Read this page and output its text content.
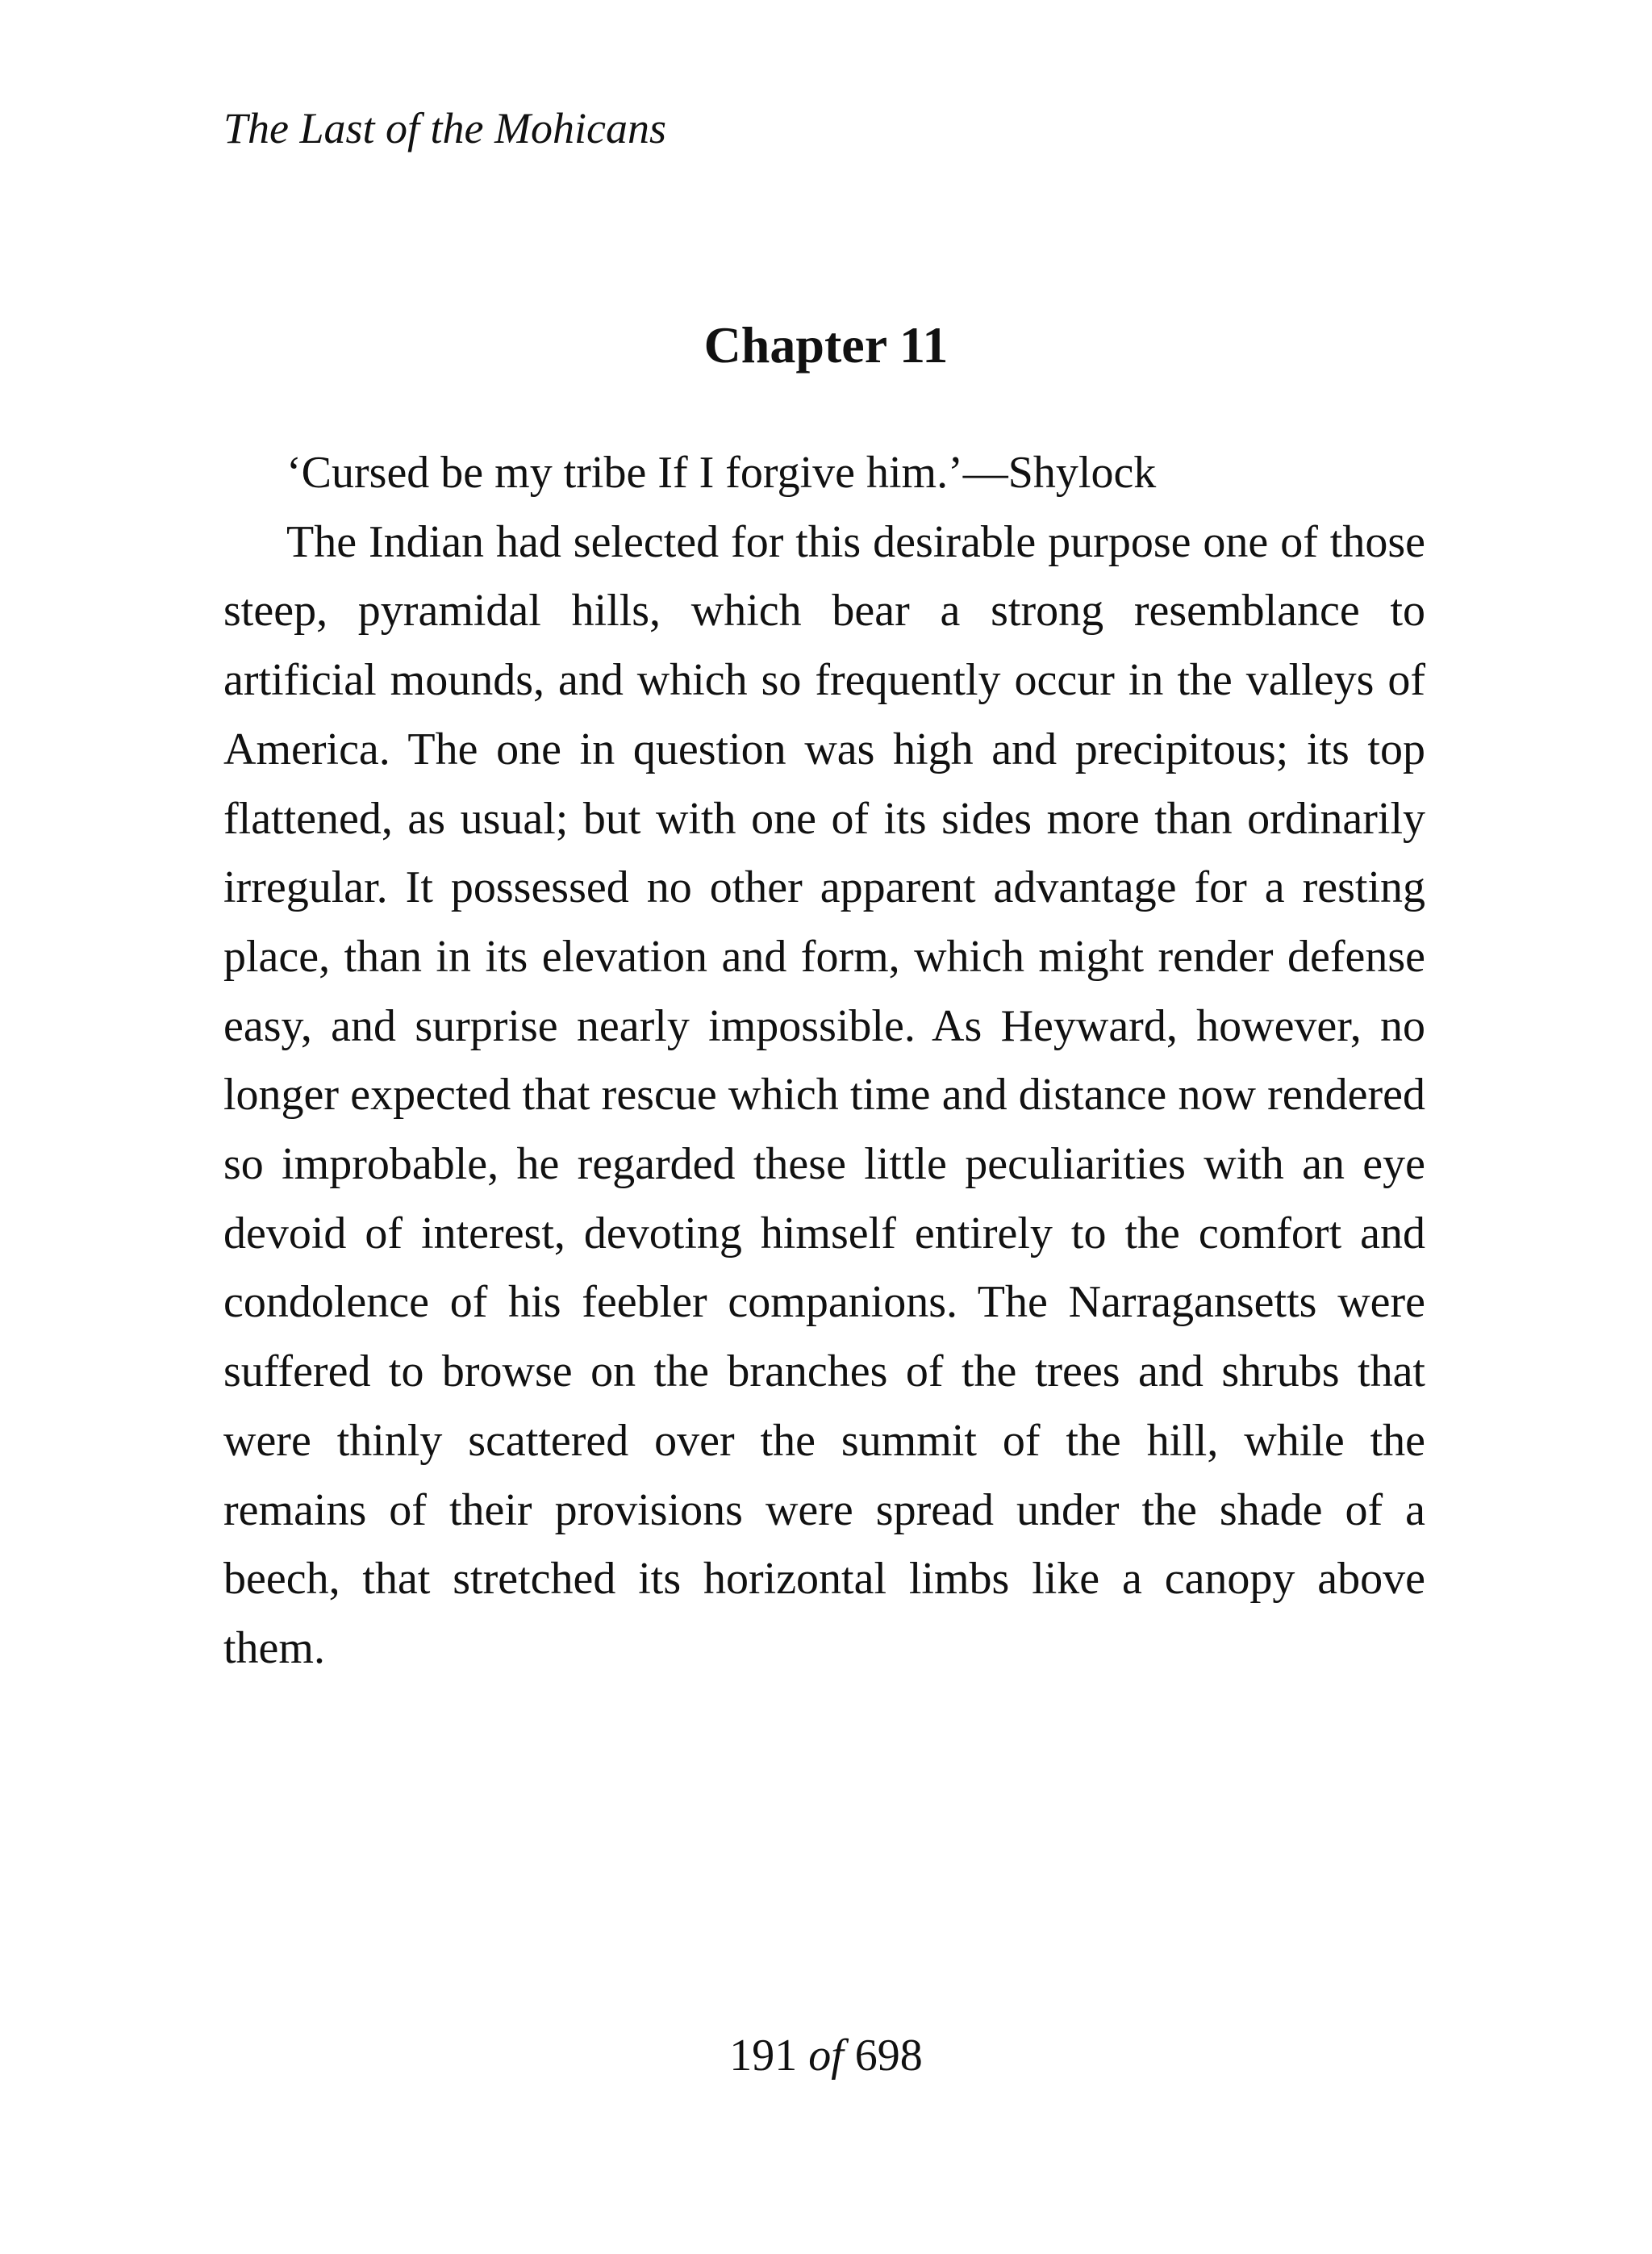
The Last of the Mohicans
Chapter 11

‘Cursed be my tribe If I forgive him.’—Shylock

The Indian had selected for this desirable purpose one of those steep, pyramidal hills, which bear a strong resemblance to artificial mounds, and which so frequently occur in the valleys of America. The one in question was high and precipitous; its top flattened, as usual; but with one of its sides more than ordinarily irregular. It possessed no other apparent advantage for a resting place, than in its elevation and form, which might render defense easy, and surprise nearly impossible. As Heyward, however, no longer expected that rescue which time and distance now rendered so improbable, he regarded these little peculiarities with an eye devoid of interest, devoting himself entirely to the comfort and condolence of his feebler companions. The Narragansetts were suffered to browse on the branches of the trees and shrubs that were thinly scattered over the summit of the hill, while the remains of their provisions were spread under the shade of a beech, that stretched its horizontal limbs like a canopy above them.

191 of 698
